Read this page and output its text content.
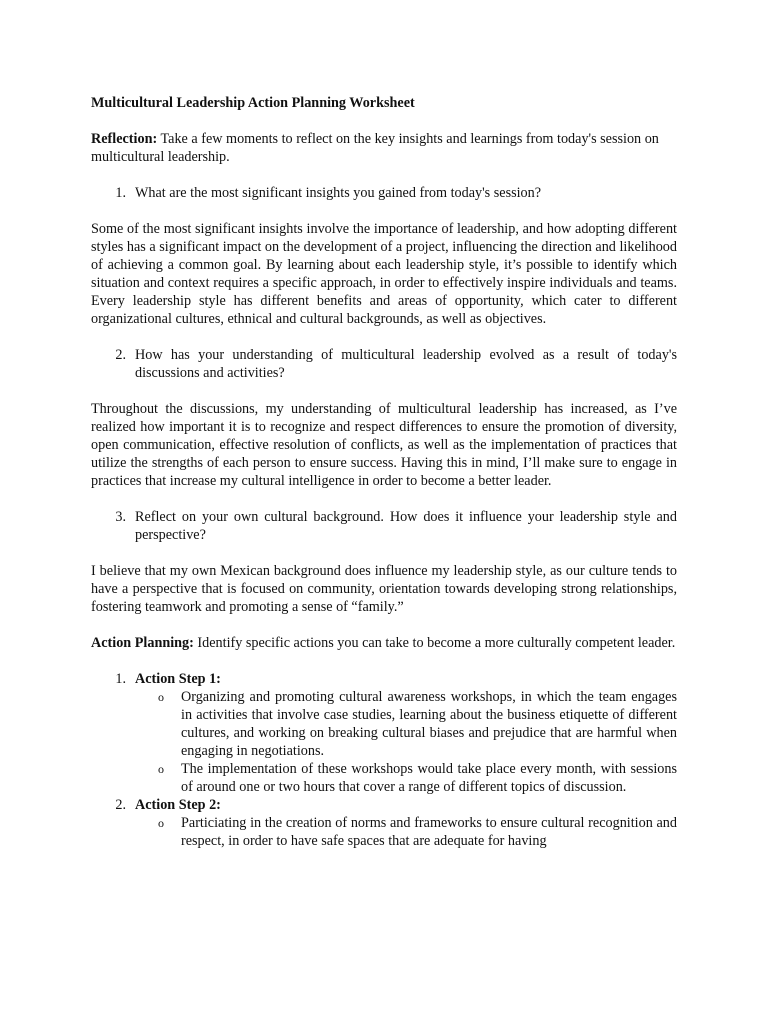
Multicultural Leadership Action Planning Worksheet
Reflection: Take a few moments to reflect on the key insights and learnings from today's session on multicultural leadership.
1. What are the most significant insights you gained from today's session?
Some of the most significant insights involve the importance of leadership, and how adopting different styles has a significant impact on the development of a project, influencing the direction and likelihood of achieving a common goal. By learning about each leadership style, it’s possible to identify which situation and context requires a specific approach, in order to effectively inspire individuals and teams. Every leadership style has different benefits and areas of opportunity, which cater to different organizational cultures, ethnical and cultural backgrounds, as well as objectives.
2. How has your understanding of multicultural leadership evolved as a result of today's discussions and activities?
Throughout the discussions, my understanding of multicultural leadership has increased, as I’ve realized how important it is to recognize and respect differences to ensure the promotion of diversity, open communication, effective resolution of conflicts, as well as the implementation of practices that utilize the strengths of each person to ensure success. Having this in mind, I’ll make sure to engage in practices that increase my cultural intelligence in order to become a better leader.
3. Reflect on your own cultural background. How does it influence your leadership style and perspective?
I believe that my own Mexican background does influence my leadership style, as our culture tends to have a perspective that is focused on community, orientation towards developing strong relationships, fostering teamwork and promoting a sense of “family.”
Action Planning: Identify specific actions you can take to become a more culturally competent leader.
1. Action Step 1:
o	Organizing and promoting cultural awareness workshops, in which the team engages in activities that involve case studies, learning about the business etiquette of different cultures, and working on breaking cultural biases and prejudice that are harmful when engaging in negotiations.
o	The implementation of these workshops would take place every month, with sessions of around one or two hours that cover a range of different topics of discussion.
2. Action Step 2:
o	Particiating in the creation of norms and frameworks to ensure cultural recognition and respect, in order to have safe spaces that are adequate for having
